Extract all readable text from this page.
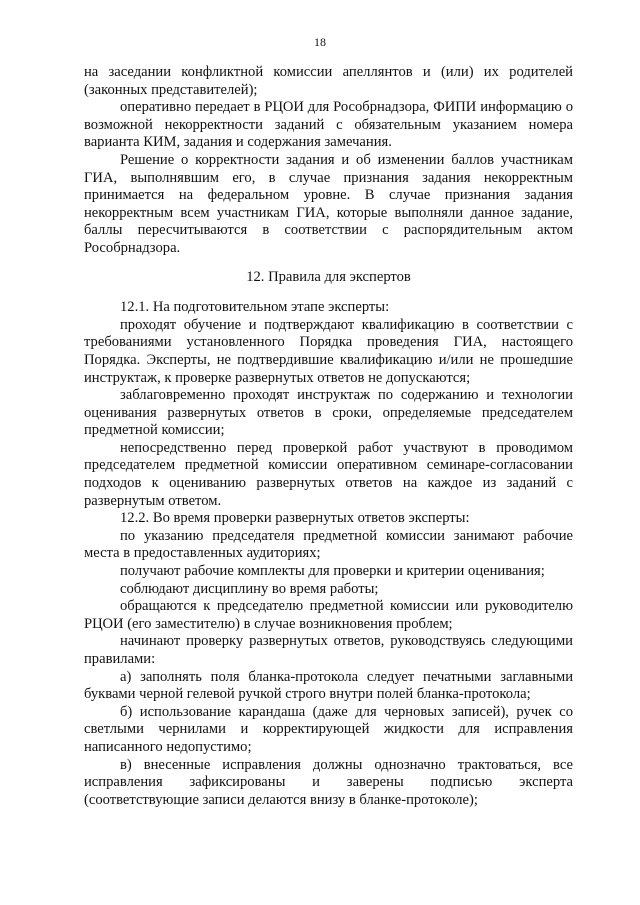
18

на заседании конфликтной комиссии апеллянтов и (или) их родителей (законных представителей);

оперативно передает в РЦОИ для Рособрнадзора, ФИПИ информацию о возможной некорректности заданий с обязательным указанием номера варианта КИМ, задания и содержания замечания.

Решение о корректности задания и об изменении баллов участникам ГИА, выполнявшим его, в случае признания задания некорректным принимается на федеральном уровне. В случае признания задания некорректным всем участникам ГИА, которые выполняли данное задание, баллы пересчитываются в соответствии с распорядительным актом Рособрнадзора.

12. Правила для экспертов

12.1. На подготовительном этапе эксперты:

проходят обучение и подтверждают квалификацию в соответствии с требованиями установленного Порядка проведения ГИА, настоящего Порядка. Эксперты, не подтвердившие квалификацию и/или не прошедшие инструктаж, к проверке развернутых ответов не допускаются;

заблаговременно проходят инструктаж по содержанию и технологии оценивания развернутых ответов в сроки, определяемые председателем предметной комиссии;

непосредственно перед проверкой работ участвуют в проводимом председателем предметной комиссии оперативном семинаре-согласовании подходов к оцениванию развернутых ответов на каждое из заданий с развернутым ответом.

12.2. Во время проверки развернутых ответов эксперты:

по указанию председателя предметной комиссии занимают рабочие места в предоставленных аудиториях;

получают рабочие комплекты для проверки и критерии оценивания;

соблюдают дисциплину во время работы;

обращаются к председателю предметной комиссии или руководителю РЦОИ (его заместителю) в случае возникновения проблем;

начинают проверку развернутых ответов, руководствуясь следующими правилами:

а) заполнять поля бланка-протокола следует печатными заглавными буквами черной гелевой ручкой строго внутри полей бланка-протокола;

б) использование карандаша (даже для черновых записей), ручек со светлыми чернилами и корректирующей жидкости для исправления написанного недопустимо;

в) внесенные исправления должны однозначно трактоваться, все исправления зафиксированы и заверены подписью эксперта (соответствующие записи делаются внизу в бланке-протоколе);
